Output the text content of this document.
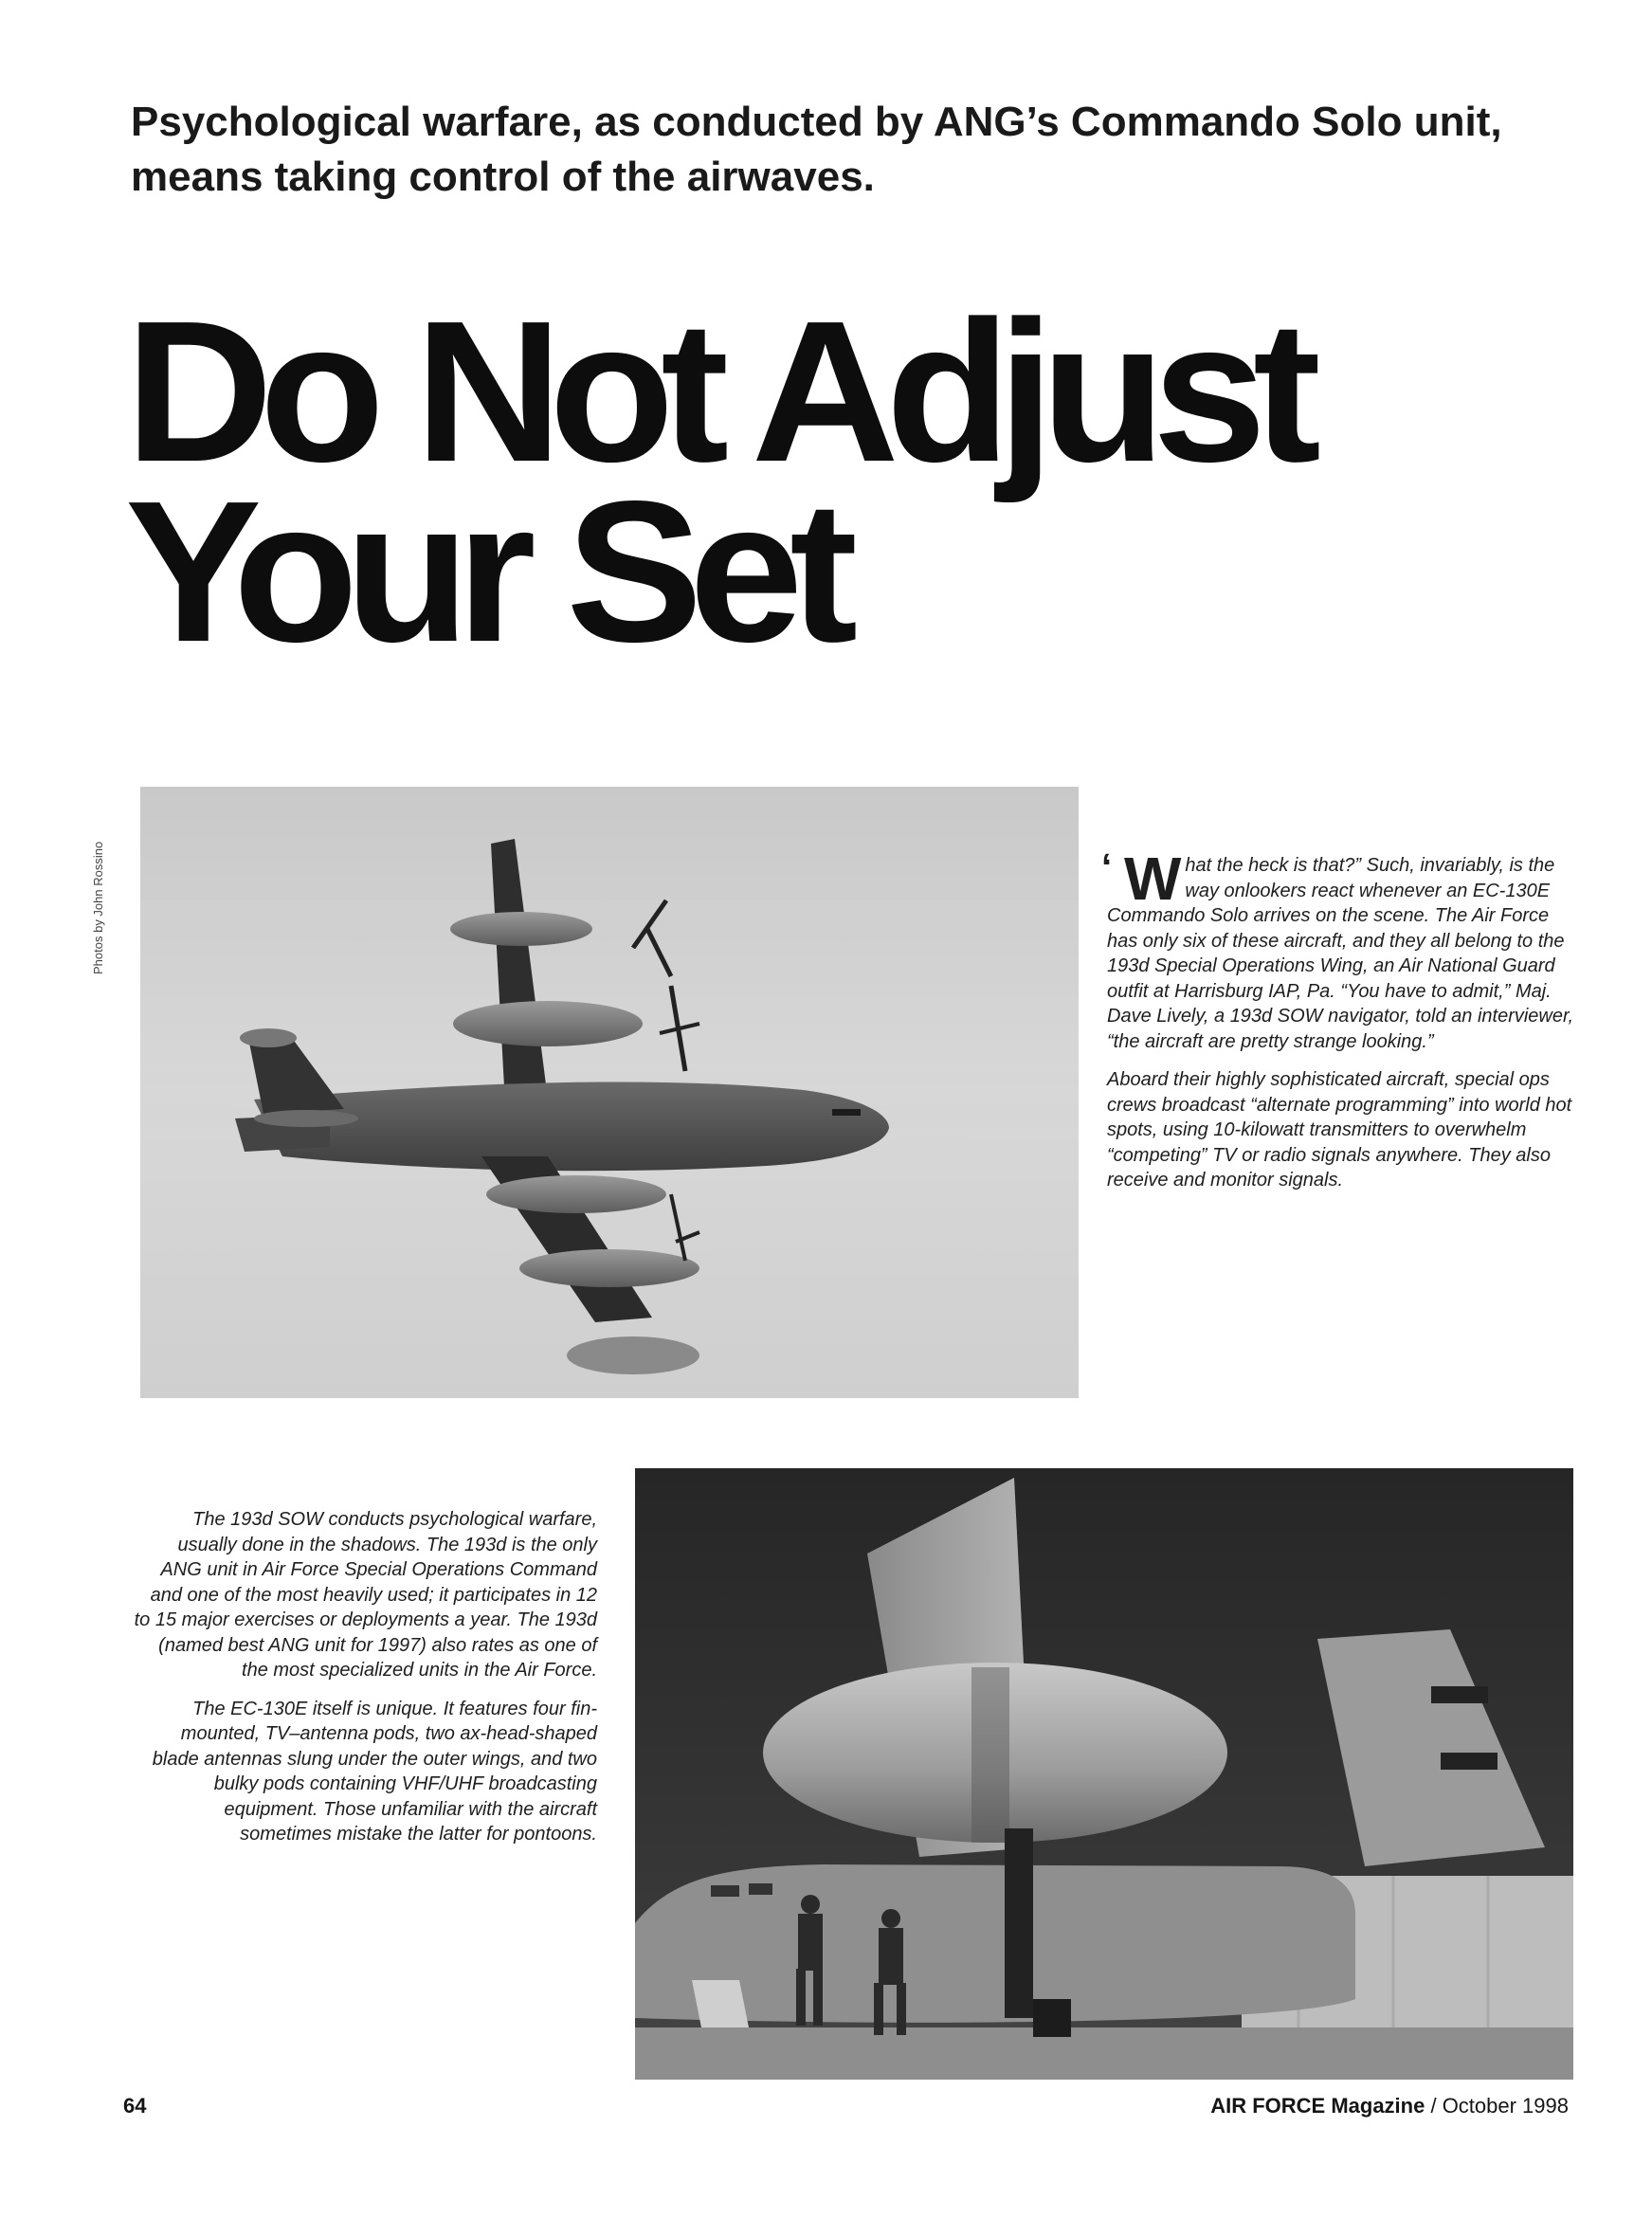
Psychological warfare, as conducted by ANG’s Commando Solo unit, means taking control of the airwaves.
Do Not Adjust
Your Set
Photos by John Rossino	‘ W hat the heck is that?” Such, invariably, is the way onlookers react whenever an EC-130E Commando Solo arrives on the scene. The Air Force has only six of these aircraft, and they all belong to the 193d Special Operations Wing, an Air National Guard outfit at Harrisburg IAP, Pa. “You have to admit,” Maj. Dave Lively, a 193d SOW navigator, told an interviewer, “the aircraft are pretty strange looking.”

Aboard their highly sophisticated aircraft, special ops crews broadcast “alternate programming” into world hot spots, using 10-kilowatt transmitters to overwhelm “competing” TV or radio signals anywhere. They also receive and monitor signals.

The 193d SOW conducts psychological warfare, usually done in the shadows. The 193d is the only ANG unit in Air Force Special Operations Command and one of the most heavily used; it participates in 12 to 15 major exercises or deployments a year. The 193d (named best ANG unit for 1997) also rates as one of the most specialized units in the Air Force.

The EC-130E itself is unique. It features four fin-mounted, TV–antenna pods, two ax-head-shaped blade antennas slung under the outer wings, and two bulky pods containing VHF/UHF broadcasting equipment. Those unfamiliar with the aircraft sometimes mistake the latter for pontoons.

64	AIR FORCE Magazine / October 1998
